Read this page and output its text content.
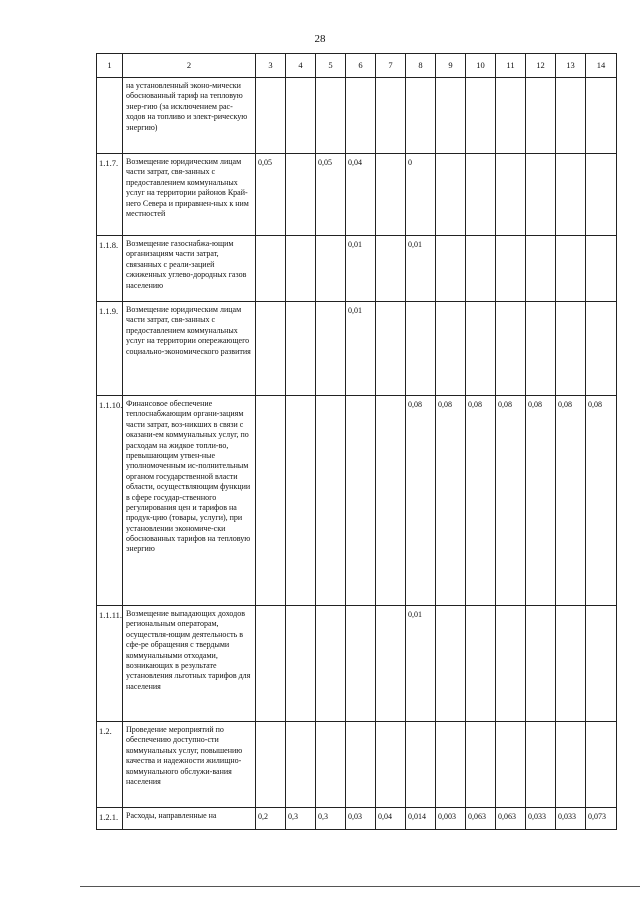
28
1	2	3	4	5	6	7	8	9	10	11	12	13	14
	на установленный эконо-мически обоснованный тариф на тепловую энер-гию (за исключением рас-ходов на топливо и элект-рическую энергию)												
1.1.7.	Возмещение юридическим лицам части затрат, свя-занных с предоставлением коммунальных услуг на территории районов Край-него Севера и приравнен-ных к ним местностей	0,05		0,05	0,04		0						
1.1.8.	Возмещение газоснабжа-ющим организациям части затрат, связанных с реали-зацией сжиженных углево-дородных газов населению				0,01		0,01						
1.1.9.	Возмещение юридическим лицам части затрат, свя-занных с предоставлением коммунальных услуг на территории опережающего социально-экономического развития				0,01								
1.1.10.	Финансовое обеспечение теплоснабжающим органи-зациям части затрат, воз-никших в связи с оказани-ем коммунальных услуг, по расходам на жидкое топли-во, превышающим утвен-ные уполномоченным ис-полнительным органом государственной власти области, осуществляющим функции в сфере государ-ственного регулирования цен и тарифов на продук-цию (товары, услуги), при установлении экономиче-ски обоснованных тарифов на тепловую энергию						0,08	0,08	0,08	0,08	0,08	0,08	0,08
1.1.11.	Возмещение выпадающих доходов региональным операторам, осуществля-ющим деятельность в сфе-ре обращения с твердыми коммунальными отходами, возникающих в результате установления льготных тарифов для населения						0,01						
1.2.	Проведение мероприятий по обеспечению доступно-сти коммунальных услуг, повышению качества и надежности жилищно-коммунального обслужи-вания населения												
1.2.1.	Расходы, направленные на	0,2	0,3	0,3	0,03	0,04	0,014	0,003	0,063	0,063	0,033	0,033	0,073
